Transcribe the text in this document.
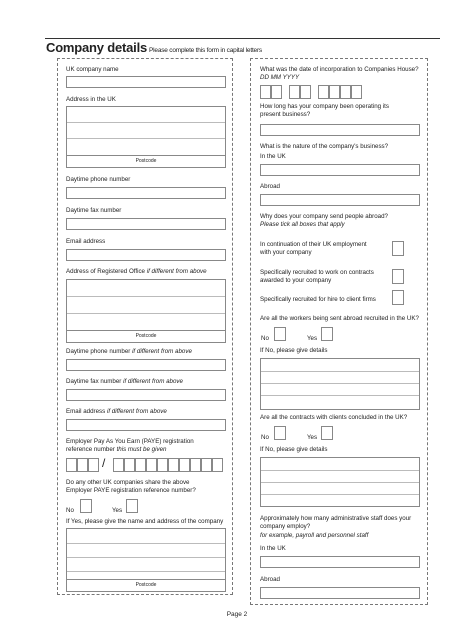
Company details Please complete this form in capital letters
UK company name
Address in the UK
Postcode
Daytime phone number
Daytime fax number
Email address
Address of Registered Office if different from above
Postcode
Daytime phone number if different from above
Daytime fax number if different from above
Email address if different from above
Employer Pay As You Earn (PAYE) registration
reference number this must be given
/
Do any other UK companies share the above
Employer PAYE registration reference number?
No	Yes
If Yes, please give the name and address of the company
Postcode
What was the date of incorporation to Companies House?
DD MM YYYY
How long has your company been operating its
present business?
What is the nature of the company's business?
In the UK
Abroad
Why does your company send people abroad?
Please tick all boxes that apply
In continuation of their UK employment
with your company
Specifically recruited to work on contracts
awarded to your company
Specifically recruited for hire to client firms
Are all the workers being sent abroad recruited in the UK?
No	Yes
If No, please give details
Are all the contracts with clients concluded in the UK?
No	Yes
If No, please give details
Approximately how many administrative staff does your
company employ?
for example, payroll and personnel staff
In the UK
Abroad
Page 2
